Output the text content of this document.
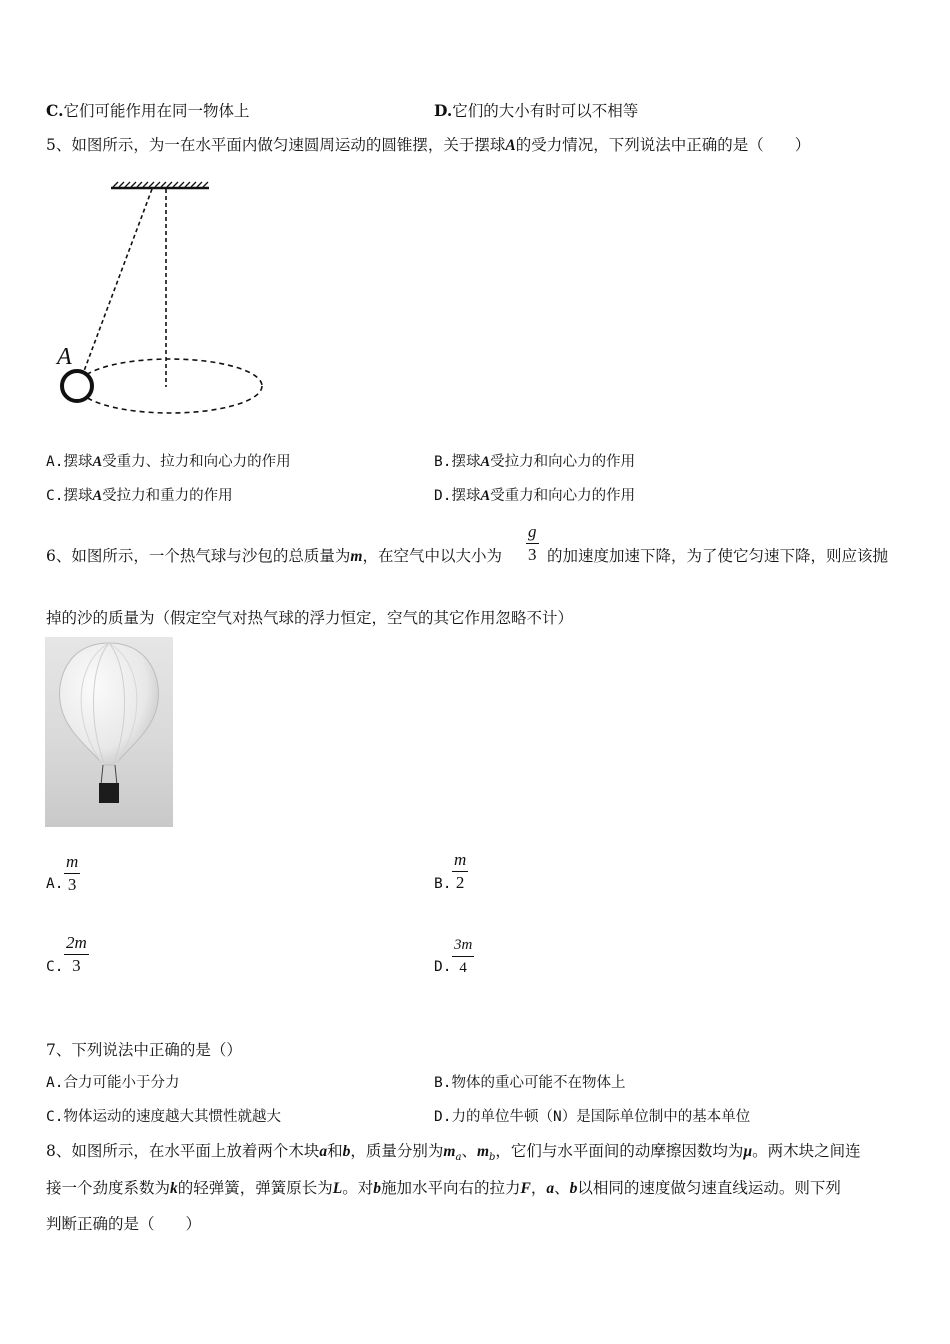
C.它们可能作用在同一物体上	D.它们的大小有时可以不相等
5、如图所示，为一在水平面内做匀速圆周运动的圆锥摆，关于摆球A的受力情况，下列说法中正确的是（　　）
A
A.摆球A受重力、拉力和向心力的作用	B.摆球A受拉力和向心力的作用
C.摆球A受拉力和重力的作用	D.摆球A受重力和向心力的作用
6、如图所示，一个热气球与沙包的总质量为m，在空气中以大小为
g
3 的加速度加速下降，为了使它匀速下降，则应该抛
掉的沙的质量为（假定空气对热气球的浮力恒定，空气的其它作用忽略不计）
A.
m
3	B.
m
2
C.
2m
3	D.
3m
4
7、下列说法中正确的是（）
A.合力可能小于分力	B.物体的重心可能不在物体上
C.物体运动的速度越大其惯性就越大	D.力的单位牛顿（N）是国际单位制中的基本单位
8、如图所示，在水平面上放着两个木块a和b，质量分别为$m_a$、$m_b$，它们与水平面间的动摩擦因数均为μ。两木块之间连
接一个劲度系数为k的轻弹簧，弹簧原长为L。对b施加水平向右的拉力F，a、b以相同的速度做匀速直线运动。则下列
判断正确的是（　　）
